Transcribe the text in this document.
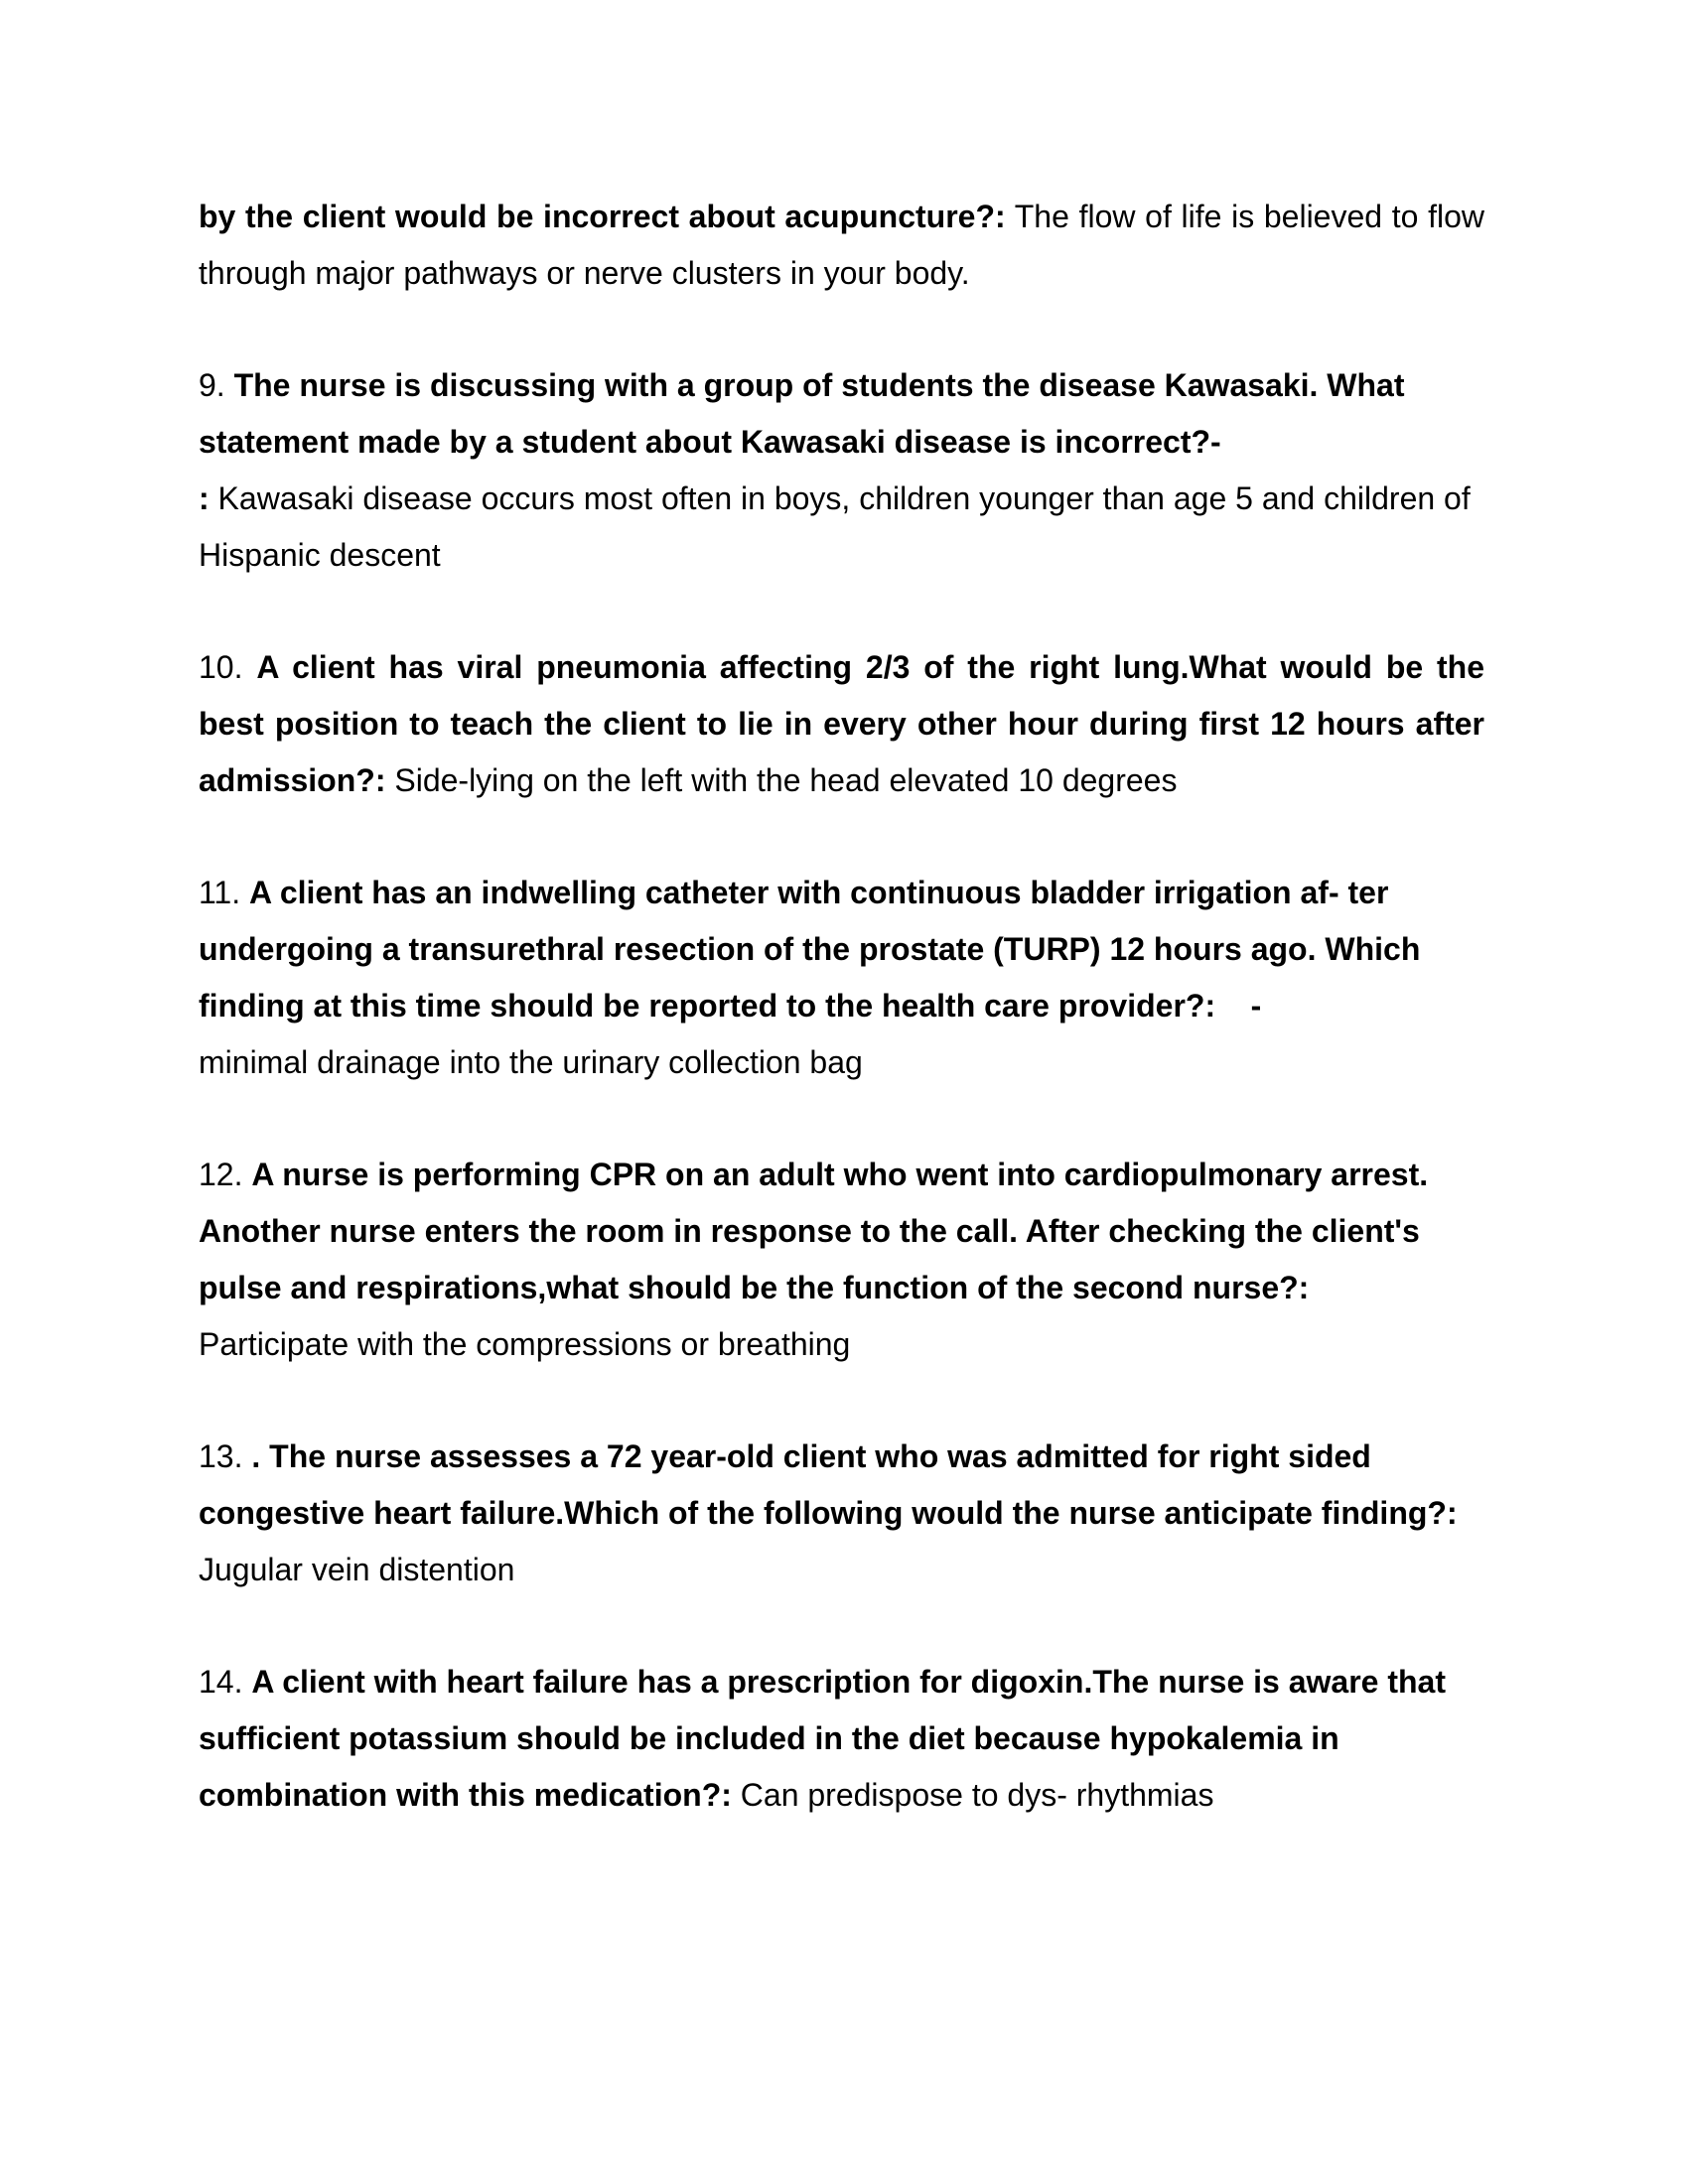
by the client would be incorrect about acupuncture?: The flow of life is believed to flow through major pathways or nerve clusters in your body.

9. The nurse is discussing with a group of students the disease Kawasaki. What statement made by a student about Kawasaki disease is incorrect?-
: Kawasaki disease occurs most often in boys, children younger than age 5 and children of Hispanic descent

10. A client has viral pneumonia affecting 2/3 of the right lung.What would be the best position to teach the client to lie in every other hour during first 12 hours after admission?: Side-lying on the left with the head elevated 10 degrees

11. A client has an indwelling catheter with continuous bladder irrigation af- ter undergoing a transurethral resection of the prostate (TURP) 12 hours ago. Which finding at this time should be reported to the health care provider?: -
minimal drainage into the urinary collection bag

12. A nurse is performing CPR on an adult who went into cardiopulmonary arrest. Another nurse enters the room in response to the call. After checking the client's pulse and respirations,what should be the function of the second nurse?:
Participate with the compressions or breathing

13. . The nurse assesses a 72 year-old client who was admitted for right sided congestive heart failure.Which of the following would the nurse anticipate finding?: Jugular vein distention

14. A client with heart failure has a prescription for digoxin.The nurse is aware that sufficient potassium should be included in the diet because hypokalemia in combination with this medication?: Can predispose to dys- rhythmias
